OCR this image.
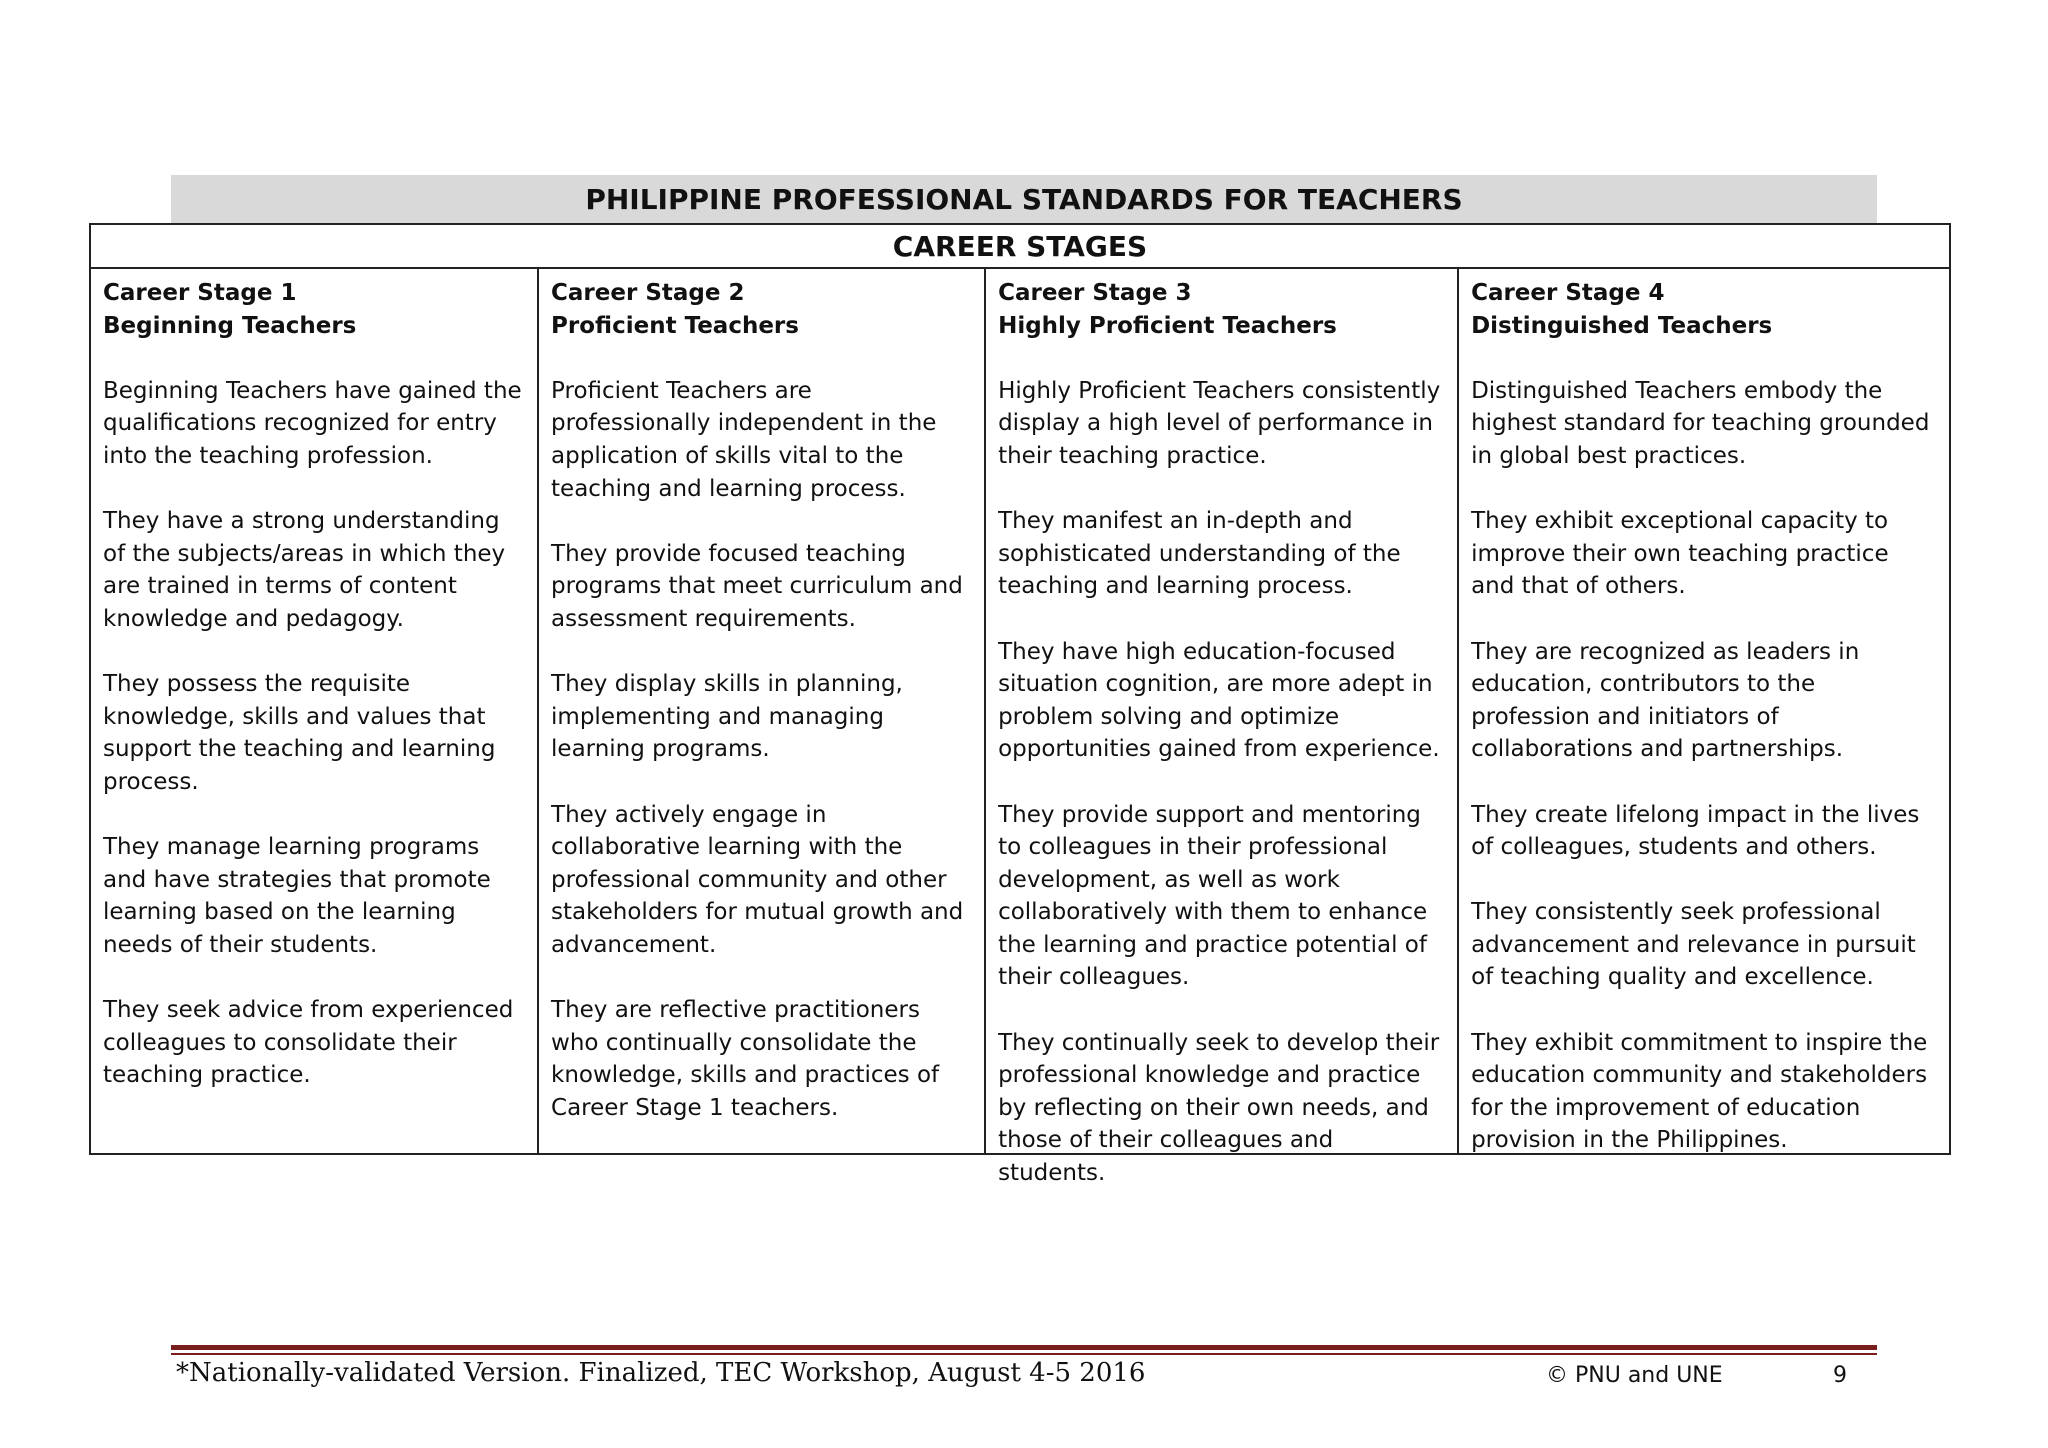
PHILIPPINE PROFESSIONAL STANDARDS FOR TEACHERS
CAREER STAGES
Career Stage 1
Beginning Teachers

Beginning Teachers have gained the qualifications recognized for entry into the teaching profession.

They have a strong understanding of the subjects/areas in which they are trained in terms of content knowledge and pedagogy.

They possess the requisite knowledge, skills and values that support the teaching and learning process.

They manage learning programs and have strategies that promote learning based on the learning needs of their students.

They seek advice from experienced colleagues to consolidate their teaching practice.

Career Stage 2
Proficient Teachers

Proficient Teachers are professionally independent in the application of skills vital to the teaching and learning process.

They provide focused teaching programs that meet curriculum and assessment requirements.

They display skills in planning, implementing and managing learning programs.

They actively engage in collaborative learning with the professional community and other stakeholders for mutual growth and advancement.

They are reflective practitioners who continually consolidate the knowledge, skills and practices of Career Stage 1 teachers.

Career Stage 3
Highly Proficient Teachers

Highly Proficient Teachers consistently display a high level of performance in their teaching practice.

They manifest an in-depth and sophisticated understanding of the teaching and learning process.

They have high education-focused situation cognition, are more adept in problem solving and optimize opportunities gained from experience.

They provide support and mentoring to colleagues in their professional development, as well as work collaboratively with them to enhance the learning and practice potential of their colleagues.

They continually seek to develop their professional knowledge and practice by reflecting on their own needs, and those of their colleagues and students.

Career Stage 4
Distinguished Teachers

Distinguished Teachers embody the highest standard for teaching grounded in global best practices.

They exhibit exceptional capacity to improve their own teaching practice and that of others.

They are recognized as leaders in education, contributors to the profession and initiators of collaborations and partnerships.

They create lifelong impact in the lives of colleagues, students and others.

They consistently seek professional advancement and relevance in pursuit of teaching quality and excellence.

They exhibit commitment to inspire the education community and stakeholders for the improvement of education provision in the Philippines.

*Nationally-validated Version. Finalized, TEC Workshop, August 4-5 2016	© PNU and UNE	9
